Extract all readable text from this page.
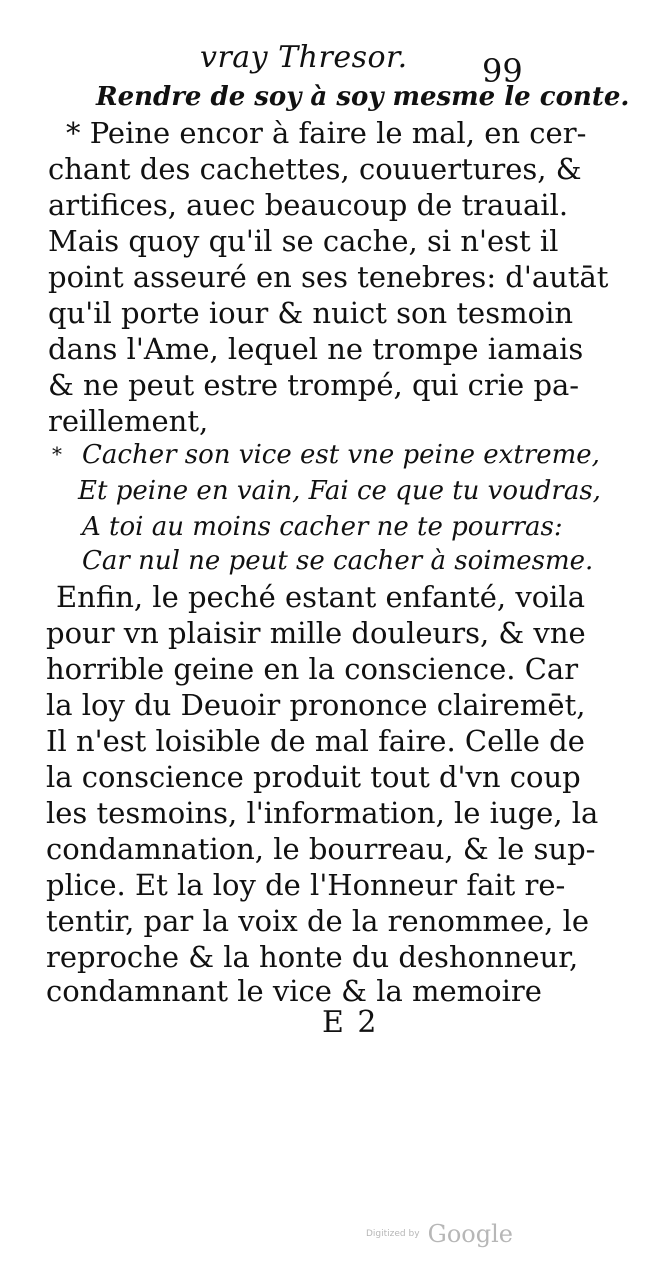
vray Thresor. 99
Rendre de soy à soy mesme le conte.
* Peine encor à faire le mal, en cer-
chant des cachettes, couuertures, &
artifices, auec beaucoup de trauail.
Mais quoy qu'il se cache, si n'est il
point asseuré en ses tenebres: d'autāt
qu'il porte iour & nuict son tesmoin
dans l'Ame, lequel ne trompe iamais
& ne peut estre trompé, qui crie pa-
reillement,
* Cacher son vice est vne peine extreme,
Et peine en vain, Fai ce que tu voudras,
A toi au moins cacher ne te pourras:
Car nul ne peut se cacher à soimesme.
Enfin, le peché estant enfanté, voila
pour vn plaisir mille douleurs, & vne
horrible geine en la conscience. Car
la loy du Deuoir prononce clairemēt,
Il n'est loisible de mal faire. Celle de
la conscience produit tout d'vn coup
les tesmoins, l'information, le iuge, la
condamnation, le bourreau, & le sup-
plice. Et la loy de l'Honneur fait re-
tentir, par la voix de la renommee, le
reproche & la honte du deshonneur,
condamnant le vice & la memoire
E 2
Digitized by Google
